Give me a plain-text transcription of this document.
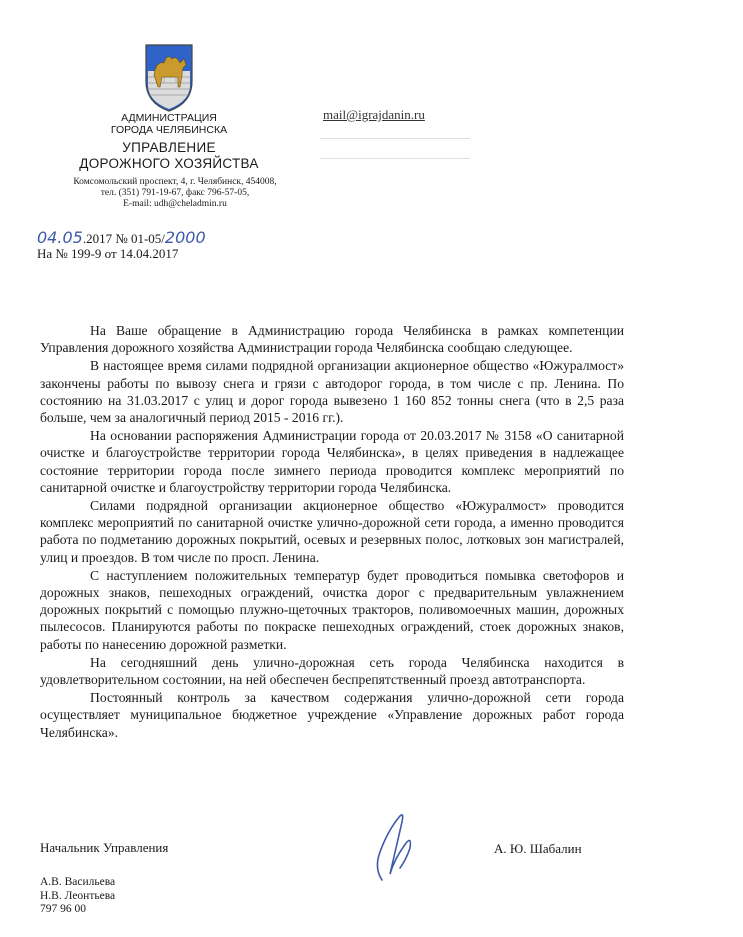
АДМИНИСТРАЦИЯ
ГОРОДА ЧЕЛЯБИНСКА
УПРАВЛЕНИЕ
ДОРОЖНОГО ХОЗЯЙСТВА
Комсомольский проспект, 4, г. Челябинск, 454008,
тел. (351) 791-19-67, факс 796-57-05,
E-mail: udh@cheladmin.ru
mail@igrajdanin.ru
04.05.2017 № 01-05/2000
На № 199-9 от 14.04.2017

На Ваше обращение в Администрацию города Челябинска в рамках компетенции Управления дорожного хозяйства Администрации города Челябинска сообщаю следующее.

В настоящее время силами подрядной организации акционерное общество «Южуралмост» закончены работы по вывозу снега и грязи с автодорог города, в том числе с пр. Ленина. По состоянию на 31.03.2017 с улиц и дорог города вывезено 1 160 852 тонны снега (что в 2,5 раза больше, чем за аналогичный период 2015 - 2016 гг.).

На основании распоряжения Администрации города от 20.03.2017 № 3158 «О санитарной очистке и благоустройстве территории города Челябинска», в целях приведения в надлежащее состояние территории города после зимнего периода проводится комплекс мероприятий по санитарной очистке и благоустройству территории города Челябинска.

Силами подрядной организации акционерное общество «Южуралмост» проводится комплекс мероприятий по санитарной очистке улично-дорожной сети города, а именно проводится работа по подметанию дорожных покрытий, осевых и резервных полос, лотковых зон магистралей, улиц и проездов. В том числе по просп. Ленина.

С наступлением положительных температур будет проводиться помывка светофоров и дорожных знаков, пешеходных ограждений, очистка дорог с предварительным увлажнением дорожных покрытий с помощью плужно-щеточных тракторов, поливомоечных машин, дорожных пылесосов. Планируются работы по покраске пешеходных ограждений, стоек дорожных знаков, работы по нанесению дорожной разметки.

На сегодняшний день улично-дорожная сеть города Челябинска находится в удовлетворительном состоянии, на ней обеспечен беспрепятственный проезд автотранспорта.

Постоянный контроль за качеством содержания улично-дорожной сети города осуществляет муниципальное бюджетное учреждение «Управление дорожных работ города Челябинска».

Начальник Управления	А. Ю. Шабалин
А.В. Васильева
Н.В. Леонтьева
797 96 00
